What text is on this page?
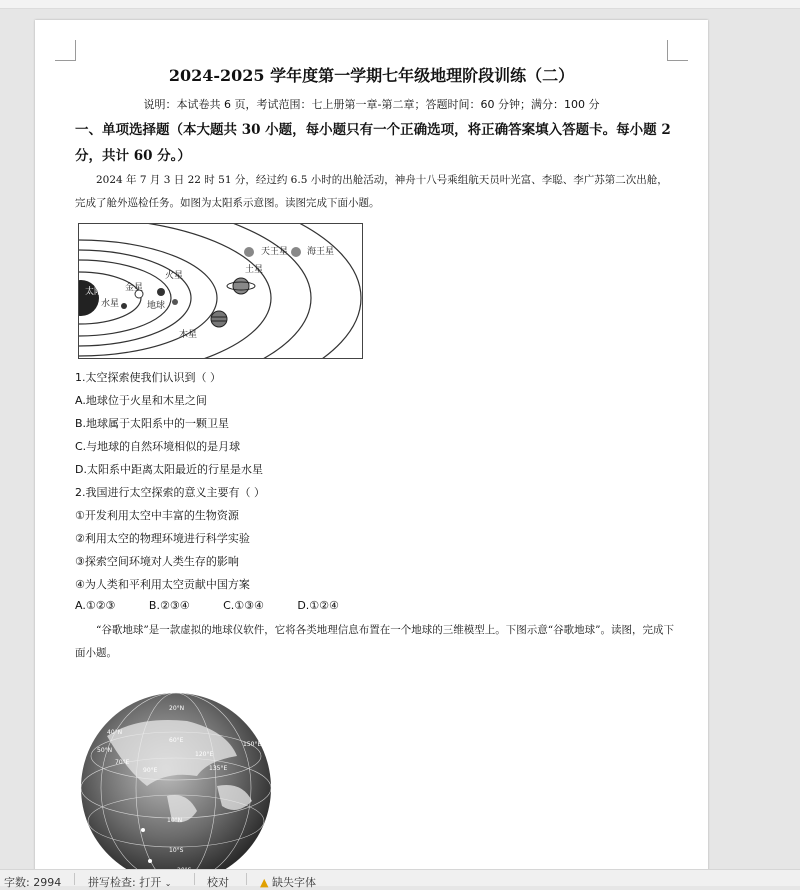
2024-2025 学年度第一学期七年级地理阶段训练（二）
说明：本试卷共 6 页，考试范围：七上册第一章-第二章；答题时间：60 分钟；满分：100 分
一、单项选择题（本大题共 30 小题，每小题只有一个正确选项，将正确答案填入答题卡。每小题 2 分，共计 60 分。）
2024 年 7 月 3 日 22 时 51 分，经过约 6.5 小时的出舱活动，神舟十八号乘组航天员叶光富、李聪、李广苏第二次出舱，完成了舱外巡检任务。如图为太阳系示意图。读图完成下面小题。
太阳
水星
金星
地球
火星
木星
土星
天王星 海王星
1.太空探索使我们认识到（ ）
A.地球位于火星和木星之间
B.地球属于太阳系中的一颗卫星
C.与地球的自然环境相似的是月球
D.太阳系中距离太阳最近的行星是水星
2.我国进行太空探索的意义主要有（ ）
①开发利用太空中丰富的生物资源
②利用太空的物理环境进行科学实验
③探索空间环境对人类生存的影响
④为人类和平利用太空贡献中国方案
A.①②③	B.②③④	C.①③④	D.①②④
“谷歌地球”是一款虚拟的地球仪软件，它将各类地理信息布置在一个地球的三维模型上。下图示意“谷歌地球”。读图，完成下面小题。
20°N
40°N
50°N
60°E
70°E
90°E
120°E
135°E
150°E
10°N
10°S
字数: 2994 拼写检查: 打开 ⌄	校对	▲ 缺失字体
